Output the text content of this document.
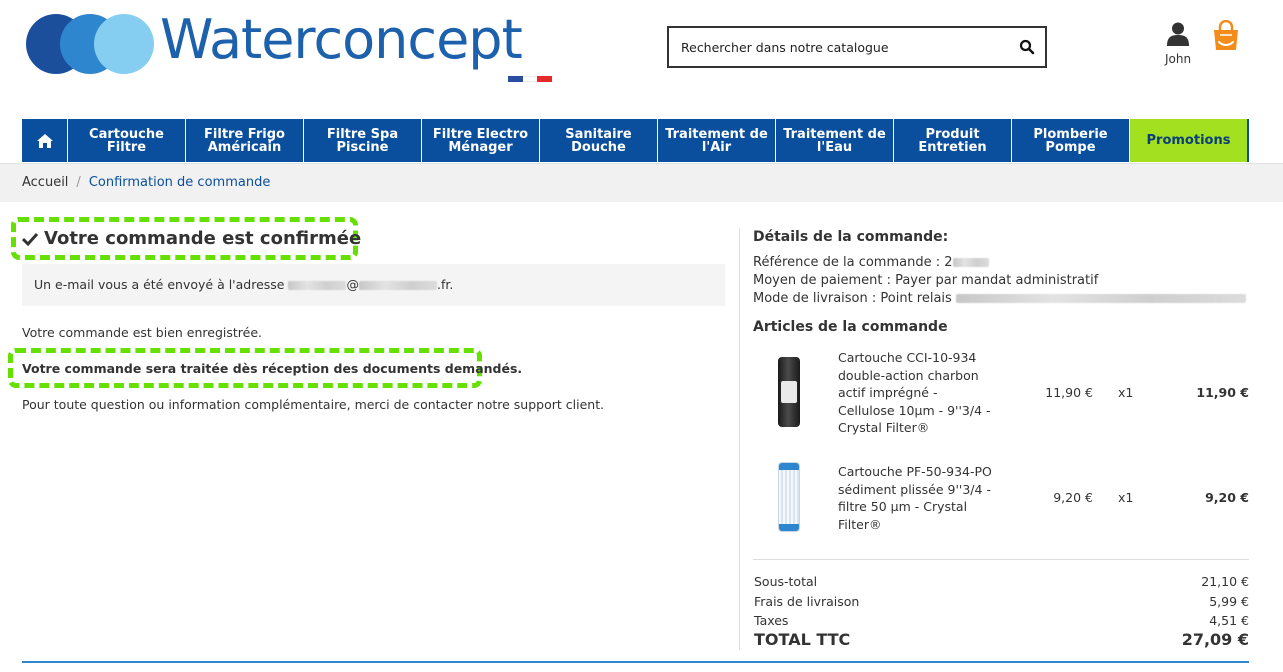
Waterconcept
Rechercher dans notre catalogue	John
Cartouche Filtre
Filtre Frigo Américain
Filtre Spa Piscine
Filtre Electro Ménager
Sanitaire Douche
Traitement de l'Air
Traitement de l'Eau
Produit Entretien
Plomberie Pompe	Promotions
Accueil / Confirmation de commande
Votre commande est confirmée
Un e-mail vous a été envoyé à l'adresse	@	.fr.
Votre commande est bien enregistrée.
Votre commande sera traitée dès réception des documents demandés.
Pour toute question ou information complémentaire, merci de contacter notre support client.
Détails de la commande:
Référence de la commande : 2
Moyen de paiement : Payer par mandat administratif
Mode de livraison : Point relais
Articles de la commande
Cartouche CCI-10-934 double-action charbon actif imprégné - Cellulose 10µm - 9''3/4 - Crystal Filter®
11,90 € x1	11,90 €
Cartouche PF-50-934-PO sédiment plissée 9''3/4 - filtre 50 µm - Crystal Filter®
9,20 € x1	9,20 €
Sous-total	21,10 €
Frais de livraison	5,99 €
Taxes	4,51 €
TOTAL TTC	27,09 €
